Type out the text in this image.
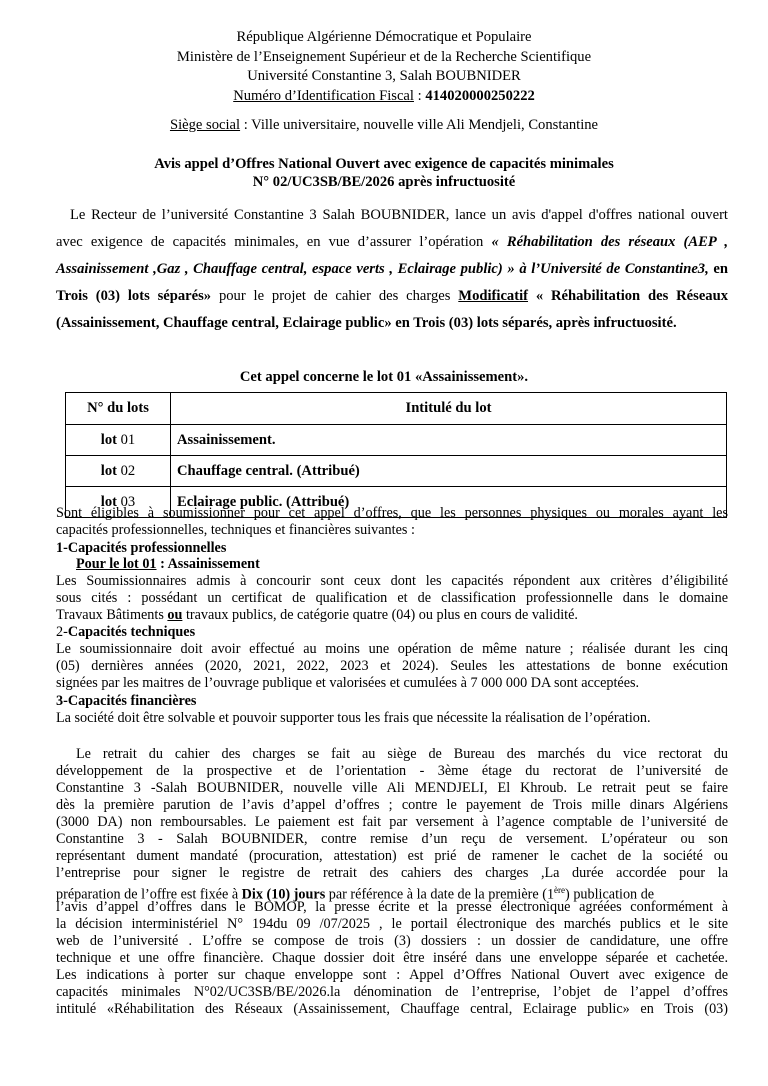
République Algérienne Démocratique et Populaire
Ministère de l’Enseignement Supérieur et de la Recherche Scientifique
Université Constantine 3, Salah BOUBNIDER
Numéro d’Identification Fiscal : 414020000250222
Siège social : Ville universitaire, nouvelle ville Ali Mendjeli, Constantine
Avis appel d’Offres National Ouvert avec exigence de capacités minimales
N° 02/UC3SB/BE/2026 après infructuosité
Le Recteur de l’université Constantine 3 Salah BOUBNIDER, lance un avis d'appel d'offres national ouvert avec exigence de capacités minimales, en vue d’assurer l’opération « Réhabilitation des réseaux (AEP , Assainissement ,Gaz , Chauffage central, espace verts , Eclairage public) » à l’Université de Constantine3, en Trois (03) lots séparés» pour le projet de cahier des charges Modificatif « Réhabilitation des Réseaux (Assainissement, Chauffage central, Eclairage public» en Trois (03) lots séparés, après infructuosité.
Cet appel concerne le lot 01 «Assainissement».
N° du lots	Intitulé du lot
lot 01	Assainissement.
lot 02	Chauffage central. (Attribué)
lot 03	Eclairage public. (Attribué)
Sont éligibles à soumissionner pour cet appel d’offres, que les personnes physiques ou morales ayant les
capacités professionnelles, techniques et financières suivantes :
1-Capacités professionnelles
Pour le lot 01 : Assainissement
Les Soumissionnaires admis à concourir sont ceux dont les capacités répondent aux critères d’éligibilité
sous cités : possédant un certificat de qualification et de classification professionnelle dans le domaine
Travaux Bâtiments ou travaux publics, de catégorie quatre (04) ou plus en cours de validité.
2-Capacités techniques
Le soumissionnaire doit avoir effectué au moins une opération de même nature ; réalisée durant les cinq
(05) dernières années (2020, 2021, 2022, 2023 et 2024). Seules les attestations de bonne exécution
signées par les maitres de l’ouvrage publique et valorisées et cumulées à 7 000 000 DA sont acceptées.
3-Capacités financières
La société doit être solvable et pouvoir supporter tous les frais que nécessite la réalisation de l’opération.
Le retrait du cahier des charges se fait au siège de Bureau des marchés du vice rectorat du
développement de la prospective et de l’orientation - 3ème étage du rectorat de l’université de
Constantine 3 -Salah BOUBNIDER, nouvelle ville Ali MENDJELI, El Khroub. Le retrait peut se faire
dès la première parution de l’avis d’appel d’offres ; contre le payement de Trois mille dinars Algériens
(3000 DA) non remboursables. Le paiement est fait par versement à l’agence comptable de l’université de
Constantine 3 - Salah BOUBNIDER, contre remise d’un reçu de versement. L’opérateur ou son
représentant dument mandaté (procuration, attestation) est prié de ramener le cachet de la société ou
l’entreprise pour signer le registre de retrait des cahiers des charges ,La durée accordée pour la
préparation de l’offre est fixée à Dix (10) jours par référence à la date de la première (1ère) publication de
l’avis d’appel d’offres dans le BOMOP, la presse écrite et la presse électronique agréées conformément à
la décision interministériel N° 194du 09 /07/2025 , le portail électronique des marchés publics et le site
web de l’université . L’offre se compose de trois (3) dossiers : un dossier de candidature, une offre
technique et une offre financière. Chaque dossier doit être inséré dans une enveloppe séparée et cachetée.
Les indications à porter sur chaque enveloppe sont : Appel d’Offres National Ouvert avec exigence de
capacités minimales N°02/UC3SB/BE/2026.la dénomination de l’entreprise, l’objet de l’appel d’offres
intitulé «Réhabilitation des Réseaux (Assainissement, Chauffage central, Eclairage public» en Trois (03)
